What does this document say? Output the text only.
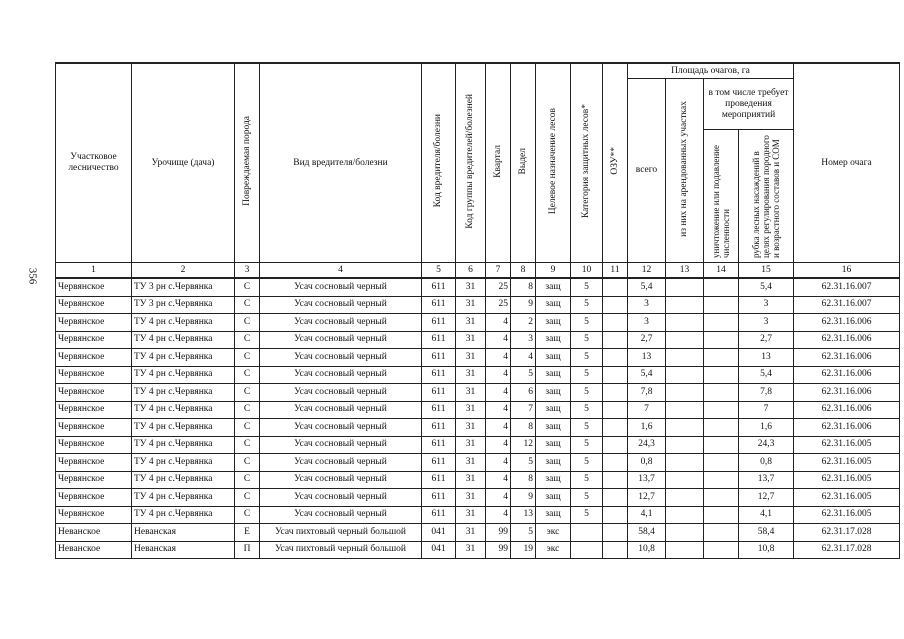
356
Участковое лесничество	Урочище (дача)	Повреждаемая порода	Вид вредителя/болезни	Код вредителя/болезни	Код группы вредителей/болезней	Квартал	Выдел	Целевое назначение лесов	Категория защитных лесов*	ОЗУ**	Площадь очагов, га				Номер очага
											всего	из них на арендованных участках	в том числе требует проведения мероприятий		
													уничтожение или подавление численности	рубка лесных насаждений в целях регулирования породного и возрастного составов и СОМ	

1	2	3	4	5	6	7	8	9	10	11	12	13	14	15	16
Червянское	ТУ 3 рн с.Червянка	С	Усач сосновый черный	611	31	25	8	защ	5		5,4			5,4	62.31.16.007
Червянское	ТУ 3 рн с.Червянка	С	Усач сосновый черный	611	31	25	9	защ	5		3			3	62.31.16.007
Червянское	ТУ 4 рн с.Червянка	С	Усач сосновый черный	611	31	4	2	защ	5		3			3	62.31.16.006
Червянское	ТУ 4 рн с.Червянка	С	Усач сосновый черный	611	31	4	3	защ	5		2,7			2,7	62.31.16.006
Червянское	ТУ 4 рн с.Червянка	С	Усач сосновый черный	611	31	4	4	защ	5		13			13	62.31.16.006
Червянское	ТУ 4 рн с.Червянка	С	Усач сосновый черный	611	31	4	5	защ	5		5,4			5,4	62.31.16.006
Червянское	ТУ 4 рн с.Червянка	С	Усач сосновый черный	611	31	4	6	защ	5		7,8			7,8	62.31.16.006
Червянское	ТУ 4 рн с.Червянка	С	Усач сосновый черный	611	31	4	7	защ	5		7			7	62.31.16.006
Червянское	ТУ 4 рн с.Червянка	С	Усач сосновый черный	611	31	4	8	защ	5		1,6			1,6	62.31.16.006
Червянское	ТУ 4 рн с.Червянка	С	Усач сосновый черный	611	31	4	12	защ	5		24,3			24,3	62.31.16.005
Червянское	ТУ 4 рн с.Червянка	С	Усач сосновый черный	611	31	4	5	защ	5		0,8			0,8	62.31.16.005
Червянское	ТУ 4 рн с.Червянка	С	Усач сосновый черный	611	31	4	8	защ	5		13,7			13,7	62.31.16.005
Червянское	ТУ 4 рн с.Червянка	С	Усач сосновый черный	611	31	4	9	защ	5		12,7			12,7	62.31.16.005
Червянское	ТУ 4 рн с.Червянка	С	Усач сосновый черный	611	31	4	13	защ	5		4,1			4,1	62.31.16.005
Неванское	Неванская	Е	Усач пихтовый черный большой	041	31	99	5	экс			58,4			58,4	62.31.17.028
Неванское	Неванская	П	Усач пихтовый черный большой	041	31	99	19	экс			10,8			10,8	62.31.17.028
